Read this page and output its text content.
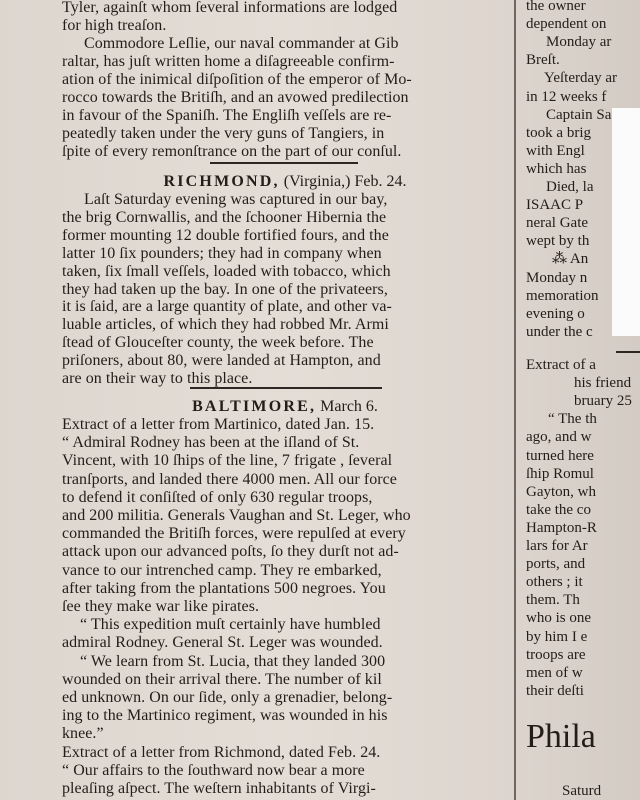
Tyler, againſt whom ſeveral informations are lodged
for high treaſon.
Commodore Leſlie, our naval commander at Gib
raltar, has juſt written home a diſagreeable confirm-
ation of the inimical diſpoſition of the emperor of Mo-
rocco towards the Britiſh, and an avowed predilection
in favour of the Spaniſh. The Engliſh veſſels are re-
peatedly taken under the very guns of Tangiers, in
ſpite of every remonſtrance on the part of our conſul.
RICHMOND, (Virginia,) Feb. 24.
Laſt Saturday evening was captured in our bay,
the brig Cornwallis, and the ſchooner Hibernia the
former mounting 12 double fortified fours, and the
latter 10 ſix pounders; they had in company when
taken, ſix ſmall veſſels, loaded with tobacco, which
they had taken up the bay. In one of the privateers,
it is ſaid, are a large quantity of plate, and other va-
luable articles, of which they had robbed Mr. Armi
ſtead of Glouceſter county, the week before. The
priſoners, about 80, were landed at Hampton, and
are on their way to this place.
BALTIMORE, March 6.
Extract of a letter from Martinico, dated Jan. 15.
“ Admiral Rodney has been at the iſland of St.
Vincent, with 10 ſhips of the line, 7 frigate , ſeveral
tranſports, and landed there 4000 men. All our force
to defend it conſiſted of only 630 regular troops,
and 200 militia. Generals Vaughan and St. Leger, who
commanded the Britiſh forces, were repulſed at every
attack upon our advanced poſts, ſo they durſt not ad-
vance to our intrenched camp. They re embarked,
after taking from the plantations 500 negroes. You
ſee they make war like pirates.
“ This expedition muſt certainly have humbled
admiral Rodney. General St. Leger was wounded.
“ We learn from St. Lucia, that they landed 300
wounded on their arrival there. The number of kil
ed unknown. On our ſide, only a grenadier, belong-
ing to the Martinico regiment, was wounded in his
knee.”
Extract of a letter from Richmond, dated Feb. 24.
“ Our affairs to the ſouthward now bear a more
pleaſing aſpect. The weſtern inhabitants of Virgi-
the owner
dependent on
Monday ar
Breſt.
Yeſterday ar
in 12 weeks f
Captain Sa
took a brig
with Engl
which has
Died, la
ISAAC P
neral Gate
wept by th
⁂ An
Monday n
memoration
evening o
under the c
Extract of a
his friend
bruary 25
“ The th
ago, and w
turned here
ſhip Romul
Gayton, wh
take the co
Hampton-R
lars for Ar
ports, and
others ; it
them. Th
who is one
by him I e
troops are
men of w
their deſti
Phila
Saturd
